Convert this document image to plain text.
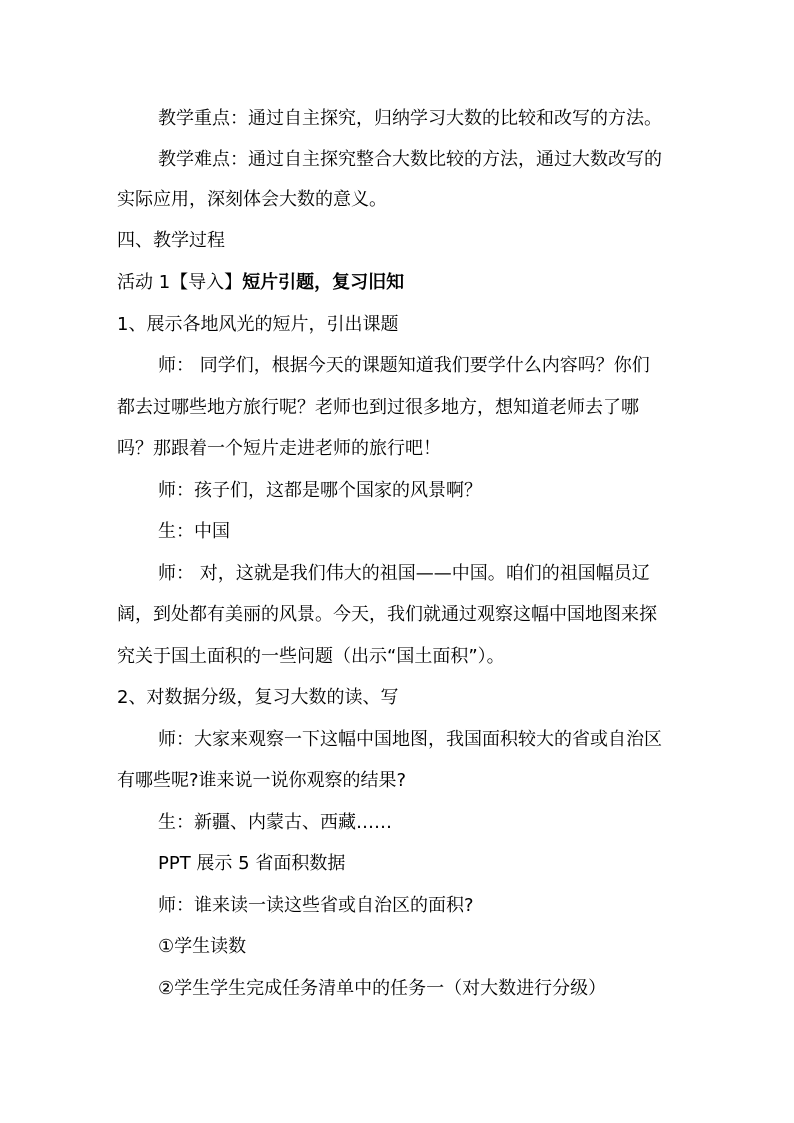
教学重点：通过自主探究，归纳学习大数的比较和改写的方法。
教学难点：通过自主探究整合大数比较的方法，通过大数改写的
实际应用，深刻体会大数的意义。
四、教学过程
活动 1【导入】短片引题，复习旧知
1、展示各地风光的短片，引出课题
师： 同学们，根据今天的课题知道我们要学什么内容吗？你们
都去过哪些地方旅行呢？老师也到过很多地方，想知道老师去了哪
吗？那跟着一个短片走进老师的旅行吧！
师：孩子们，这都是哪个国家的风景啊？
生：中国
师： 对，这就是我们伟大的祖国——中国。咱们的祖国幅员辽
阔，到处都有美丽的风景。今天，我们就通过观察这幅中国地图来探
究关于国土面积的一些问题（出示“国土面积”）。
2、对数据分级，复习大数的读、写
师：大家来观察一下这幅中国地图，我国面积较大的省或自治区
有哪些呢?谁来说一说你观察的结果?
生：新疆、内蒙古、西藏……
PPT 展示 5 省面积数据
师：谁来读一读这些省或自治区的面积?
①学生读数
②学生学生完成任务清单中的任务一（对大数进行分级）
